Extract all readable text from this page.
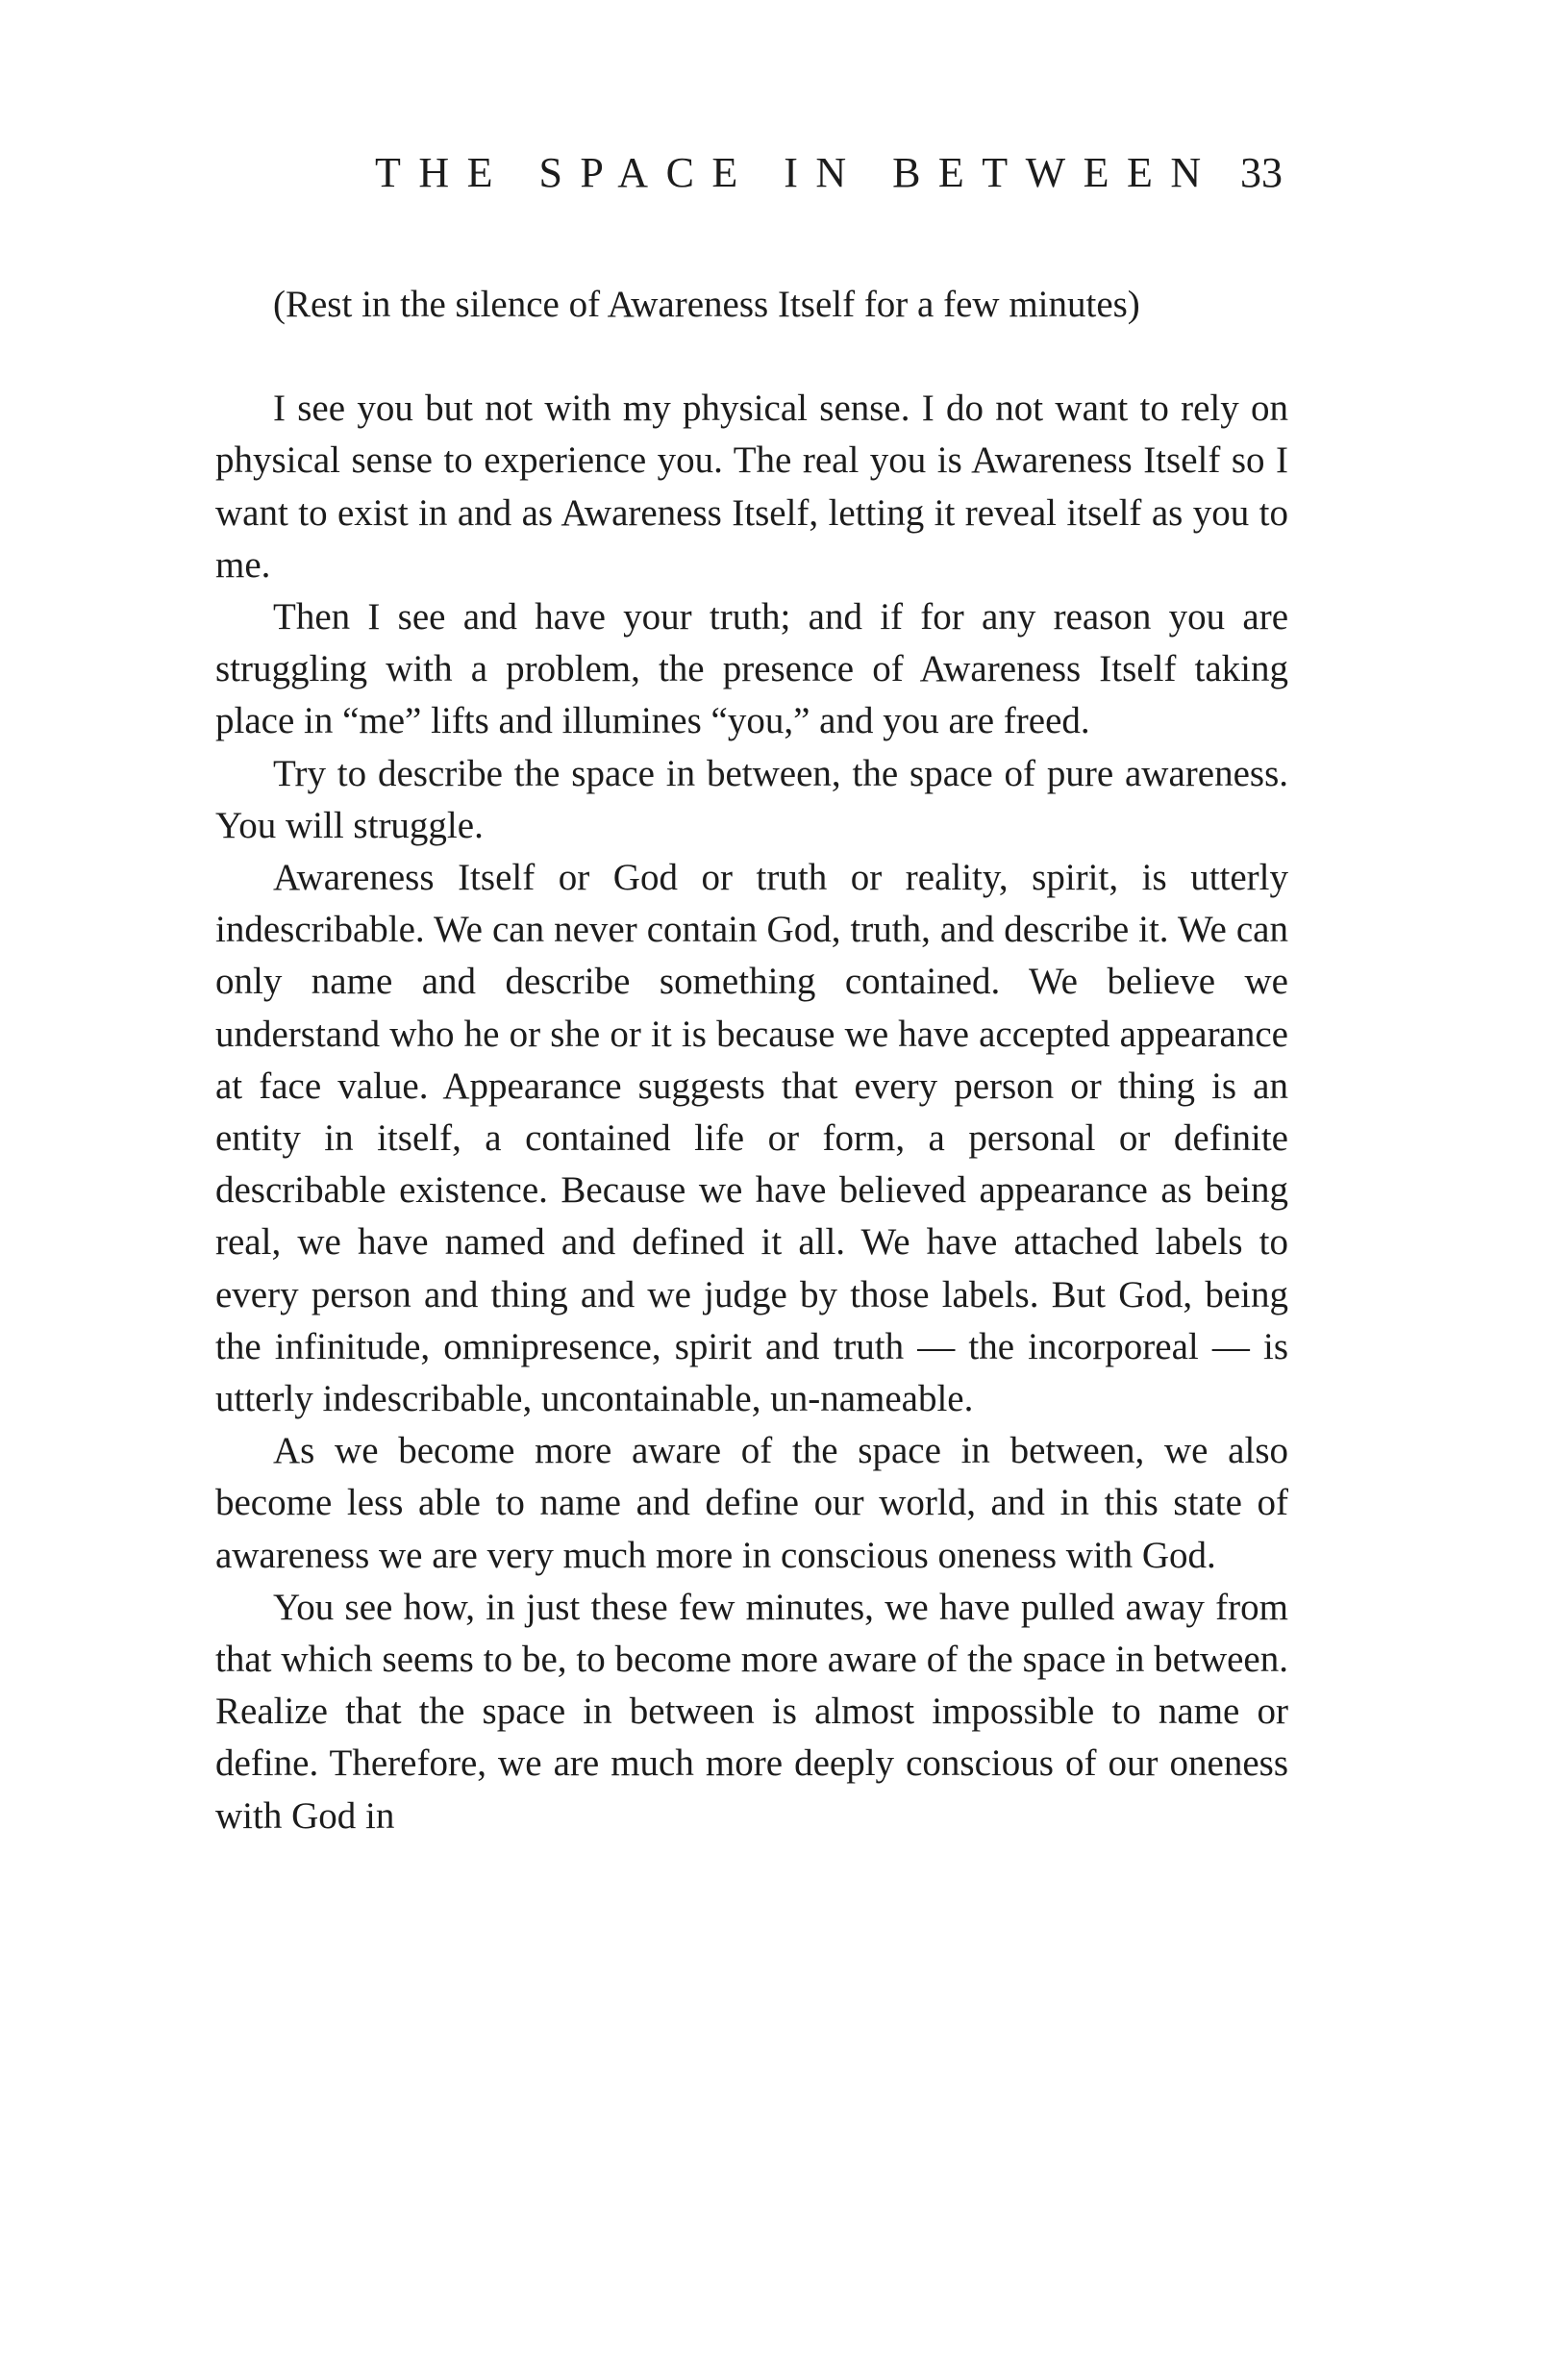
THE SPACE IN BETWEEN 33

(Rest in the silence of Awareness Itself for a few minutes)

I see you but not with my physical sense. I do not want to rely on physical sense to experience you. The real you is Awareness Itself so I want to exist in and as Awareness Itself, letting it reveal itself as you to me.

Then I see and have your truth; and if for any reason you are struggling with a problem, the presence of Awareness Itself taking place in “me” lifts and illumines “you,” and you are freed.

Try to describe the space in between, the space of pure awareness. You will struggle.

Awareness Itself or God or truth or reality, spirit, is utterly indescribable. We can never contain God, truth, and describe it. We can only name and describe something contained. We believe we understand who he or she or it is because we have accepted appearance at face value. Appearance suggests that every person or thing is an entity in itself, a contained life or form, a personal or definite describable existence. Because we have believed appearance as being real, we have named and defined it all. We have attached labels to every person and thing and we judge by those labels. But God, being the infinitude, omnipresence, spirit and truth — the incorporeal — is utterly indescribable, uncontainable, un-nameable.

As we become more aware of the space in between, we also become less able to name and define our world, and in this state of awareness we are very much more in conscious oneness with God.

You see how, in just these few minutes, we have pulled away from that which seems to be, to become more aware of the space in between. Realize that the space in between is almost impossible to name or define. Therefore, we are much more deeply conscious of our oneness with God in
